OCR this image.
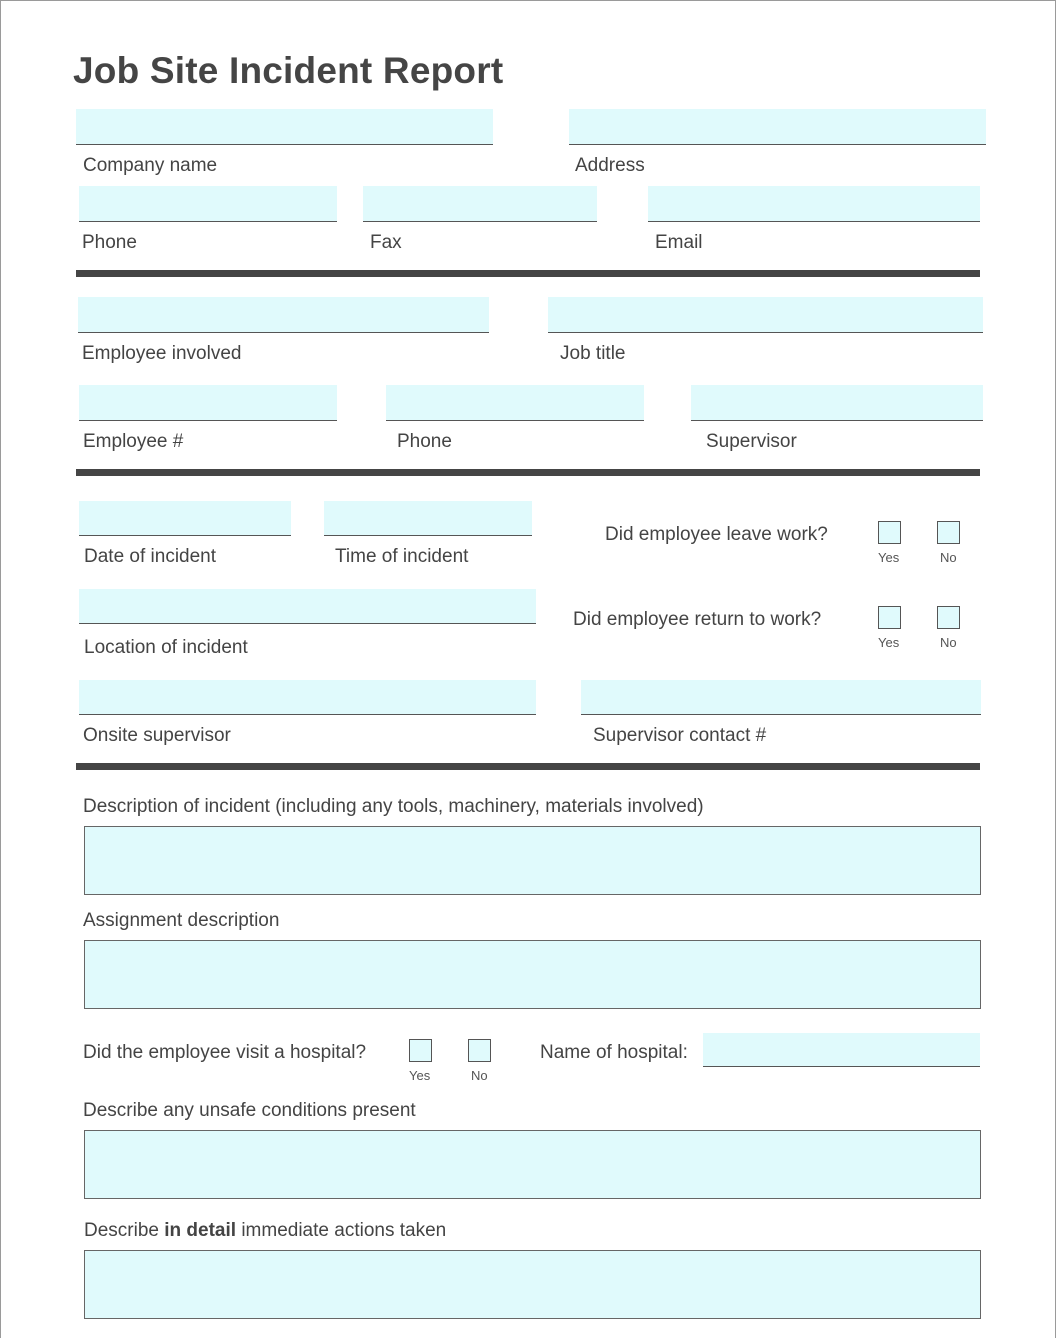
Job Site Incident Report
Company name	Address
Phone	Fax	Email
Employee involved	Job title
Employee #	Phone	Supervisor
Date of incident	Time of incident
Did employee leave work?
Yes	No
Location of incident
Did employee return to work?
Yes	No
Onsite supervisor	Supervisor contact #
Description of incident (including any tools, machinery, materials involved)
Assignment description
Did the employee visit a hospital?
Yes	No
Name of hospital:
Describe any unsafe conditions present
Describe in detail immediate actions taken
